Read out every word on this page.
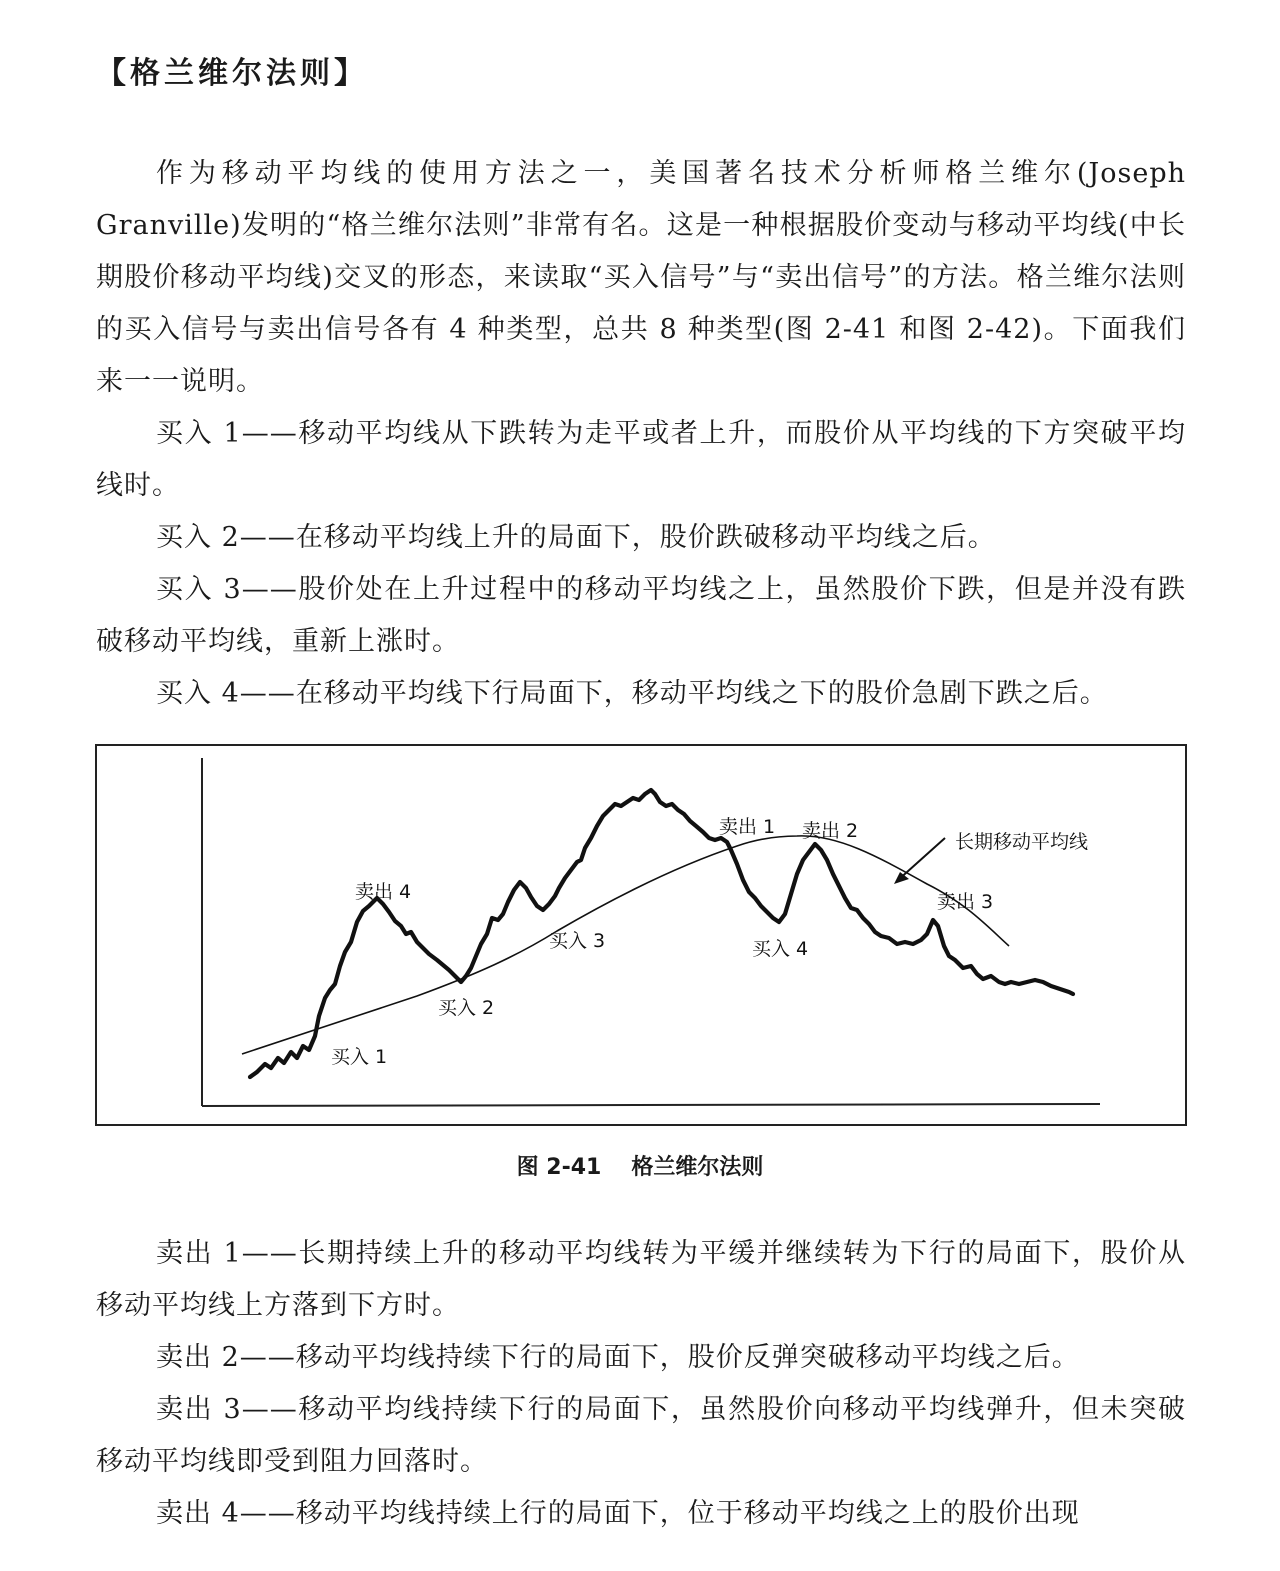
【格兰维尔法则】

作为移动平均线的使用方法之一，美国著名技术分析师格兰维尔(Joseph Granville)发明的“格兰维尔法则”非常有名。这是一种根据股价变动与移动平均线(中长期股价移动平均线)交叉的形态，来读取“买入信号”与“卖出信号”的方法。格兰维尔法则的买入信号与卖出信号各有 4 种类型，总共 8 种类型(图 2-41 和图 2-42)。下面我们来一一说明。

买入 1——移动平均线从下跌转为走平或者上升，而股价从平均线的下方突破平均线时。

买入 2——在移动平均线上升的局面下，股价跌破移动平均线之后。

买入 3——股价处在上升过程中的移动平均线之上，虽然股价下跌，但是并没有跌破移动平均线，重新上涨时。

买入 4——在移动平均线下行局面下，移动平均线之下的股价急剧下跌之后。

卖出 4
买入 1
买入 2
买入 3
卖出 1 卖出 2
买入 4
卖出 3
长期移动平均线
图 2-41 格兰维尔法则

卖出 1——长期持续上升的移动平均线转为平缓并继续转为下行的局面下，股价从移动平均线上方落到下方时。

卖出 2——移动平均线持续下行的局面下，股价反弹突破移动平均线之后。

卖出 3——移动平均线持续下行的局面下，虽然股价向移动平均线弹升，但未突破移动平均线即受到阻力回落时。

卖出 4——移动平均线持续上行的局面下，位于移动平均线之上的股价出现
